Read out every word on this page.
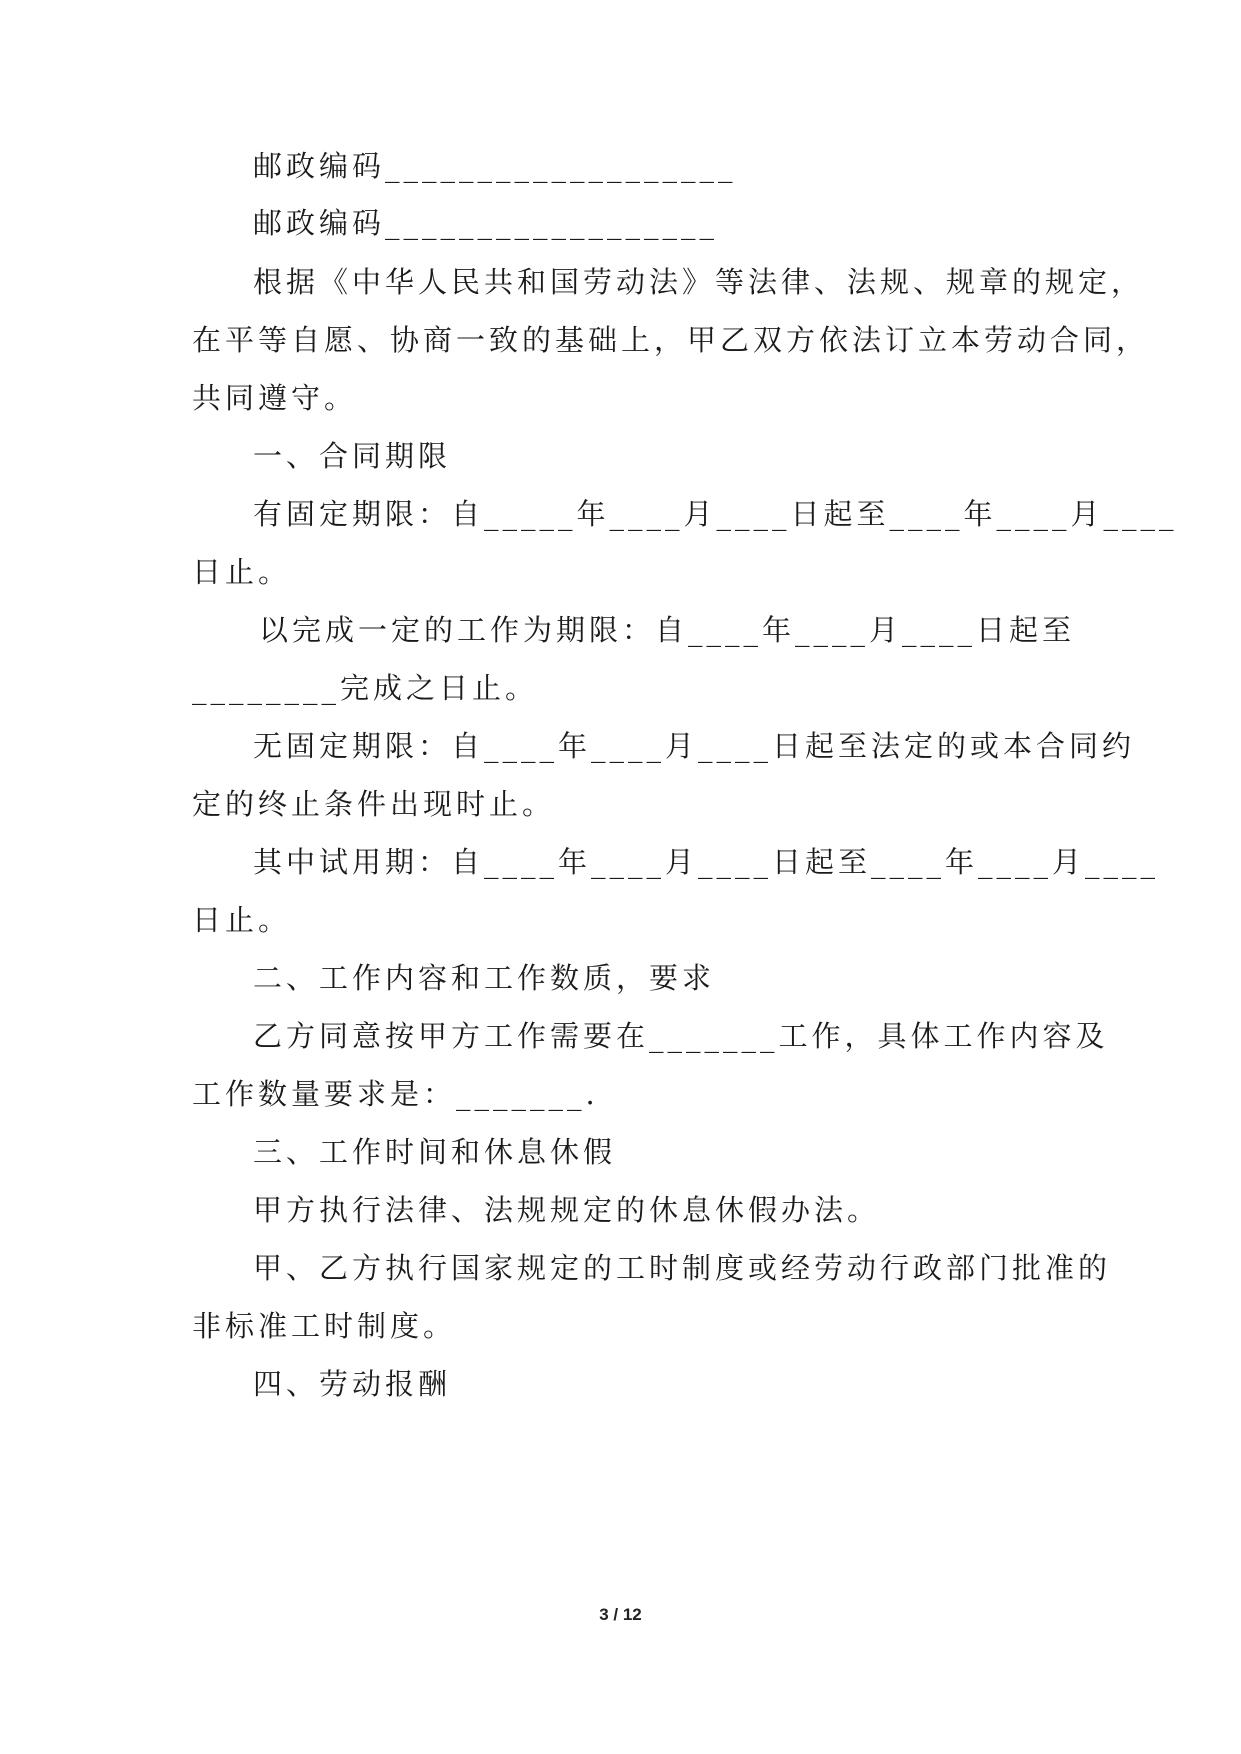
邮政编码___________________
邮政编码__________________
根据《中华人民共和国劳动法》等法律、法规、规章的规定，
在平等自愿、协商一致的基础上，甲乙双方依法订立本劳动合同，
共同遵守。
一、合同期限
有固定期限：自_____年____月____日起至____年____月____
日止。
以完成一定的工作为期限：自____年____月____日起至
________完成之日止。
无固定期限：自____年____月____日起至法定的或本合同约
定的终止条件出现时止。
其中试用期：自____年____月____日起至____年____月____
日止。
二、工作内容和工作数质，要求
乙方同意按甲方工作需要在_______工作，具体工作内容及
工作数量要求是：_______.
三、工作时间和休息休假
甲方执行法律、法规规定的休息休假办法。
甲、乙方执行国家规定的工时制度或经劳动行政部门批准的
非标准工时制度。
四、劳动报酬
3 / 12
